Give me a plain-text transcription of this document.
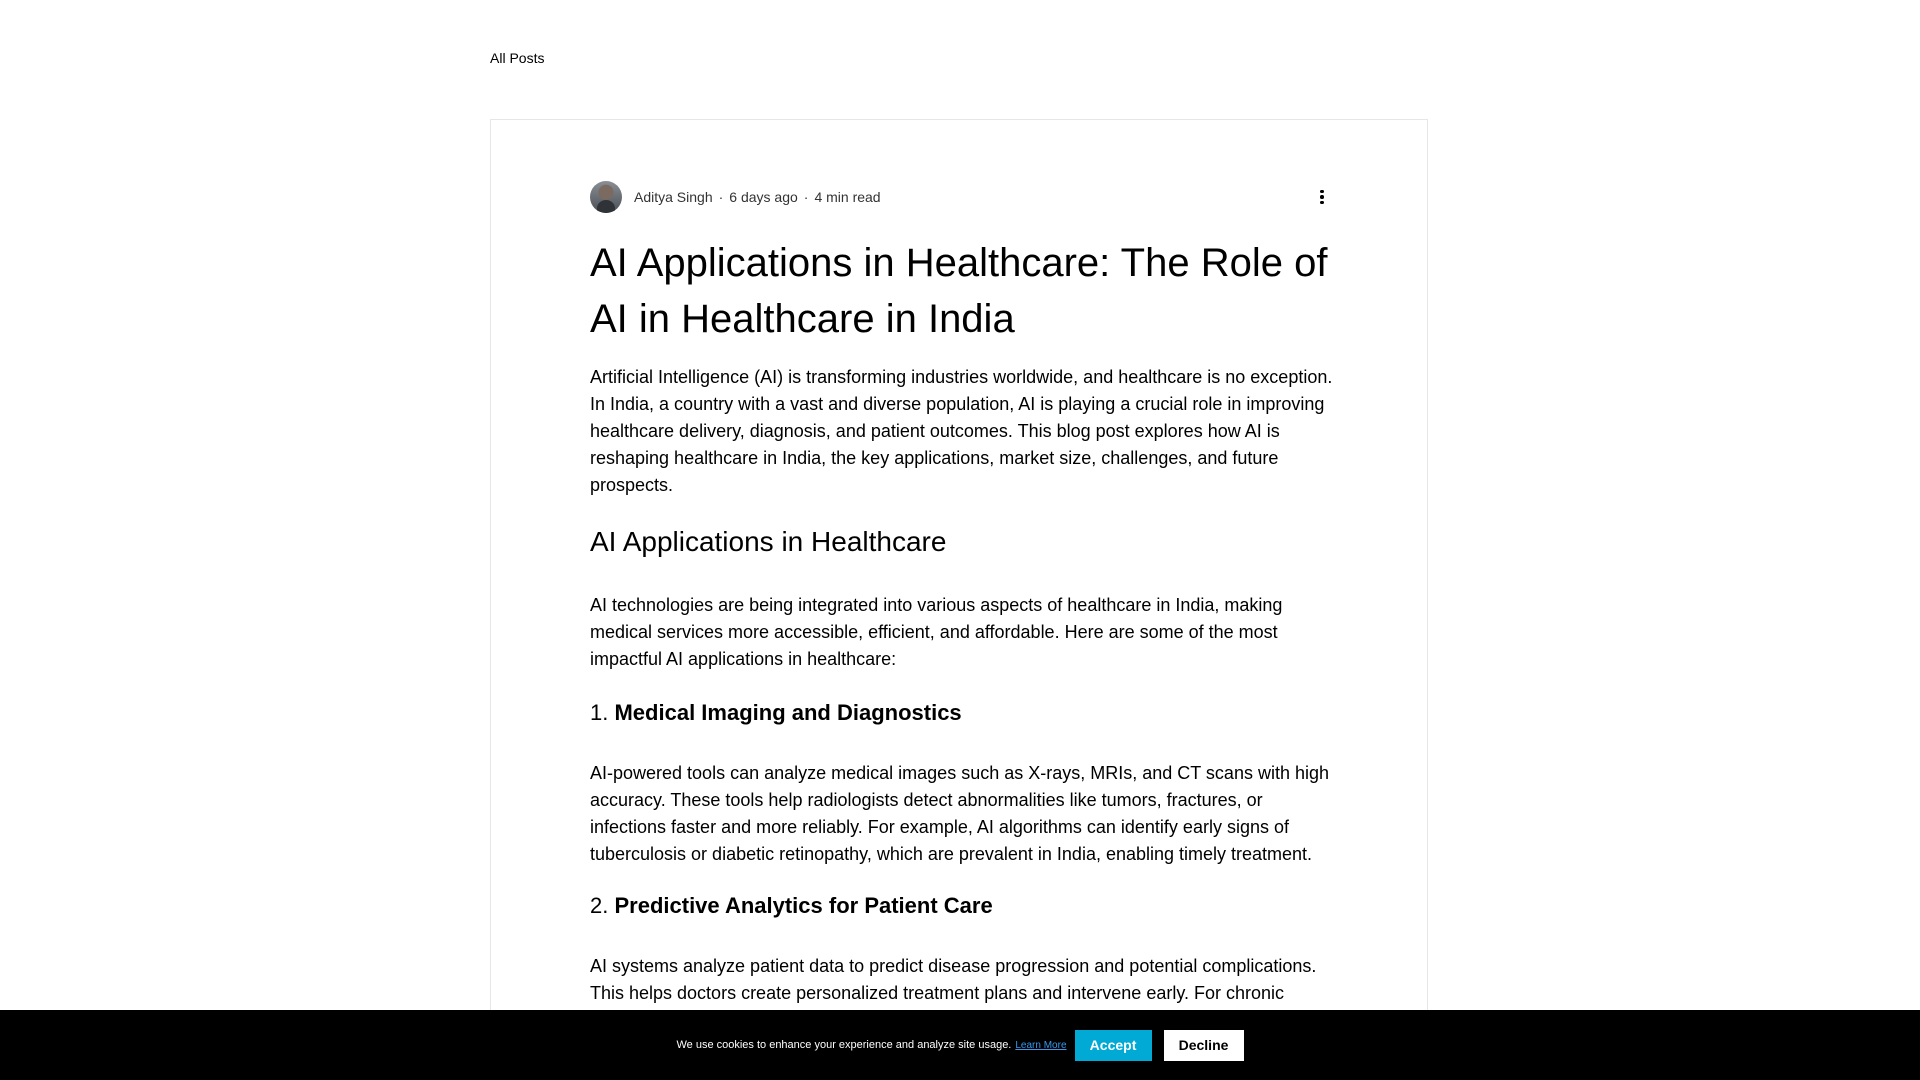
All Posts
Aditya Singh · 6 days ago · 4 min read
AI Applications in Healthcare: The Role of AI in Healthcare in India

Artificial Intelligence (AI) is transforming industries worldwide, and healthcare is no exception. In India, a country with a vast and diverse population, AI is playing a crucial role in improving healthcare delivery, diagnosis, and patient outcomes. This blog post explores how AI is reshaping healthcare in India, the key applications, market size, challenges, and future prospects.

AI Applications in Healthcare

AI technologies are being integrated into various aspects of healthcare in India, making medical services more accessible, efficient, and affordable. Here are some of the most impactful AI applications in healthcare:

1. Medical Imaging and Diagnostics

AI-powered tools can analyze medical images such as X-rays, MRIs, and CT scans with high accuracy. These tools help radiologists detect abnormalities like tumors, fractures, or infections faster and more reliably. For example, AI algorithms can identify early signs of tuberculosis or diabetic retinopathy, which are prevalent in India, enabling timely treatment.

2. Predictive Analytics for Patient Care

AI systems analyze patient data to predict disease progression and potential complications. This helps doctors create personalized treatment plans and intervene early. For chronic

We use cookies to enhance your experience and analyze site usage. Learn More	Accept	Decline
